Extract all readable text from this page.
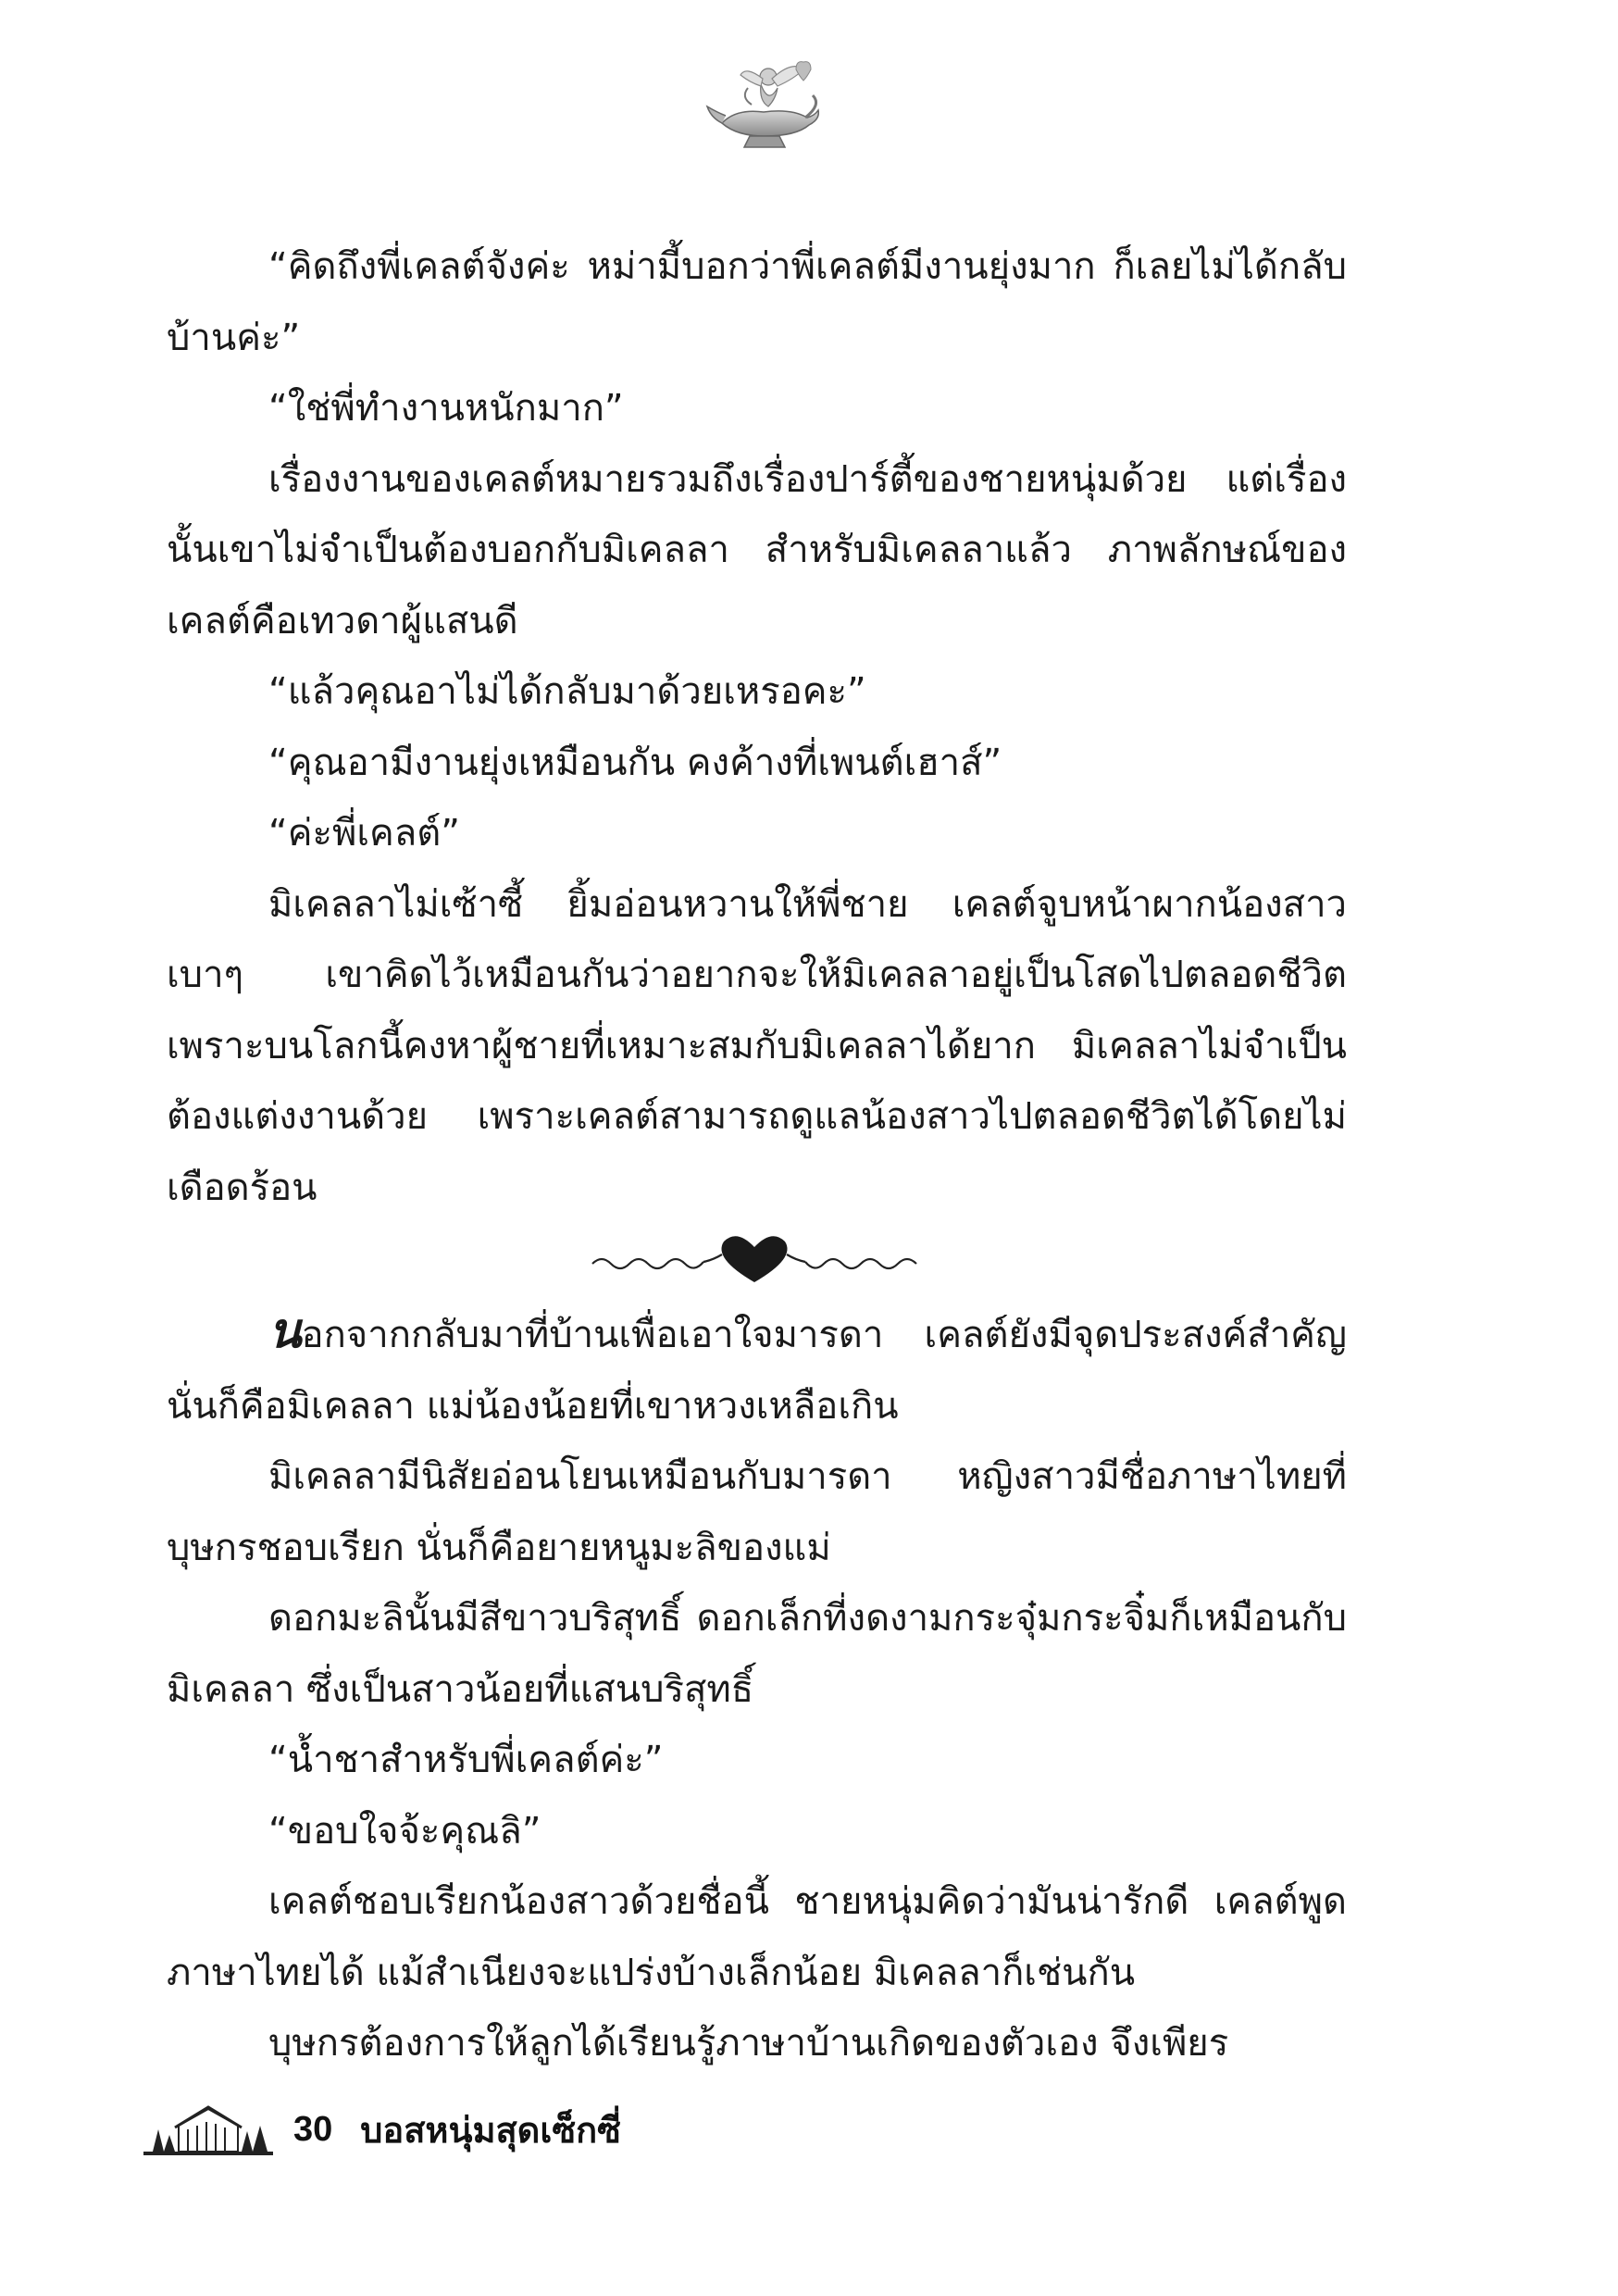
“คิดถึงพี่เคลต์จังค่ะ หม่ามี้บอกว่าพี่เคลต์มีงานยุ่งมาก ก็เลยไม่ได้กลับบ้านค่ะ”

“ใช่พี่ทำงานหนักมาก”

เรื่องงานของเคลต์หมายรวมถึงเรื่องปาร์ตี้ของชายหนุ่มด้วย แต่เรื่องนั้นเขาไม่จำเป็นต้องบอกกับมิเคลลา สำหรับมิเคลลาแล้ว ภาพลักษณ์ของเคลต์คือเทวดาผู้แสนดี

“แล้วคุณอาไม่ได้กลับมาด้วยเหรอคะ”

“คุณอามีงานยุ่งเหมือนกัน คงค้างที่เพนต์เฮาส์”

“ค่ะพี่เคลต์”

มิเคลลาไม่เซ้าซี้ ยิ้มอ่อนหวานให้พี่ชาย เคลต์จูบหน้าผากน้องสาวเบาๆ เขาคิดไว้เหมือนกันว่าอยากจะให้มิเคลลาอยู่เป็นโสดไปตลอดชีวิต เพราะบนโลกนี้คงหาผู้ชายที่เหมาะสมกับมิเคลลาได้ยาก มิเคลลาไม่จำเป็นต้องแต่งงานด้วย เพราะเคลต์สามารถดูแลน้องสาวไปตลอดชีวิตได้โดยไม่เดือดร้อน

นอกจากกลับมาที่บ้านเพื่อเอาใจมารดา เคลต์ยังมีจุดประสงค์สำคัญ นั่นก็คือมิเคลลา แม่น้องน้อยที่เขาหวงเหลือเกิน

มิเคลลามีนิสัยอ่อนโยนเหมือนกับมารดา หญิงสาวมีชื่อภาษาไทยที่บุษกรชอบเรียก นั่นก็คือยายหนูมะลิของแม่

ดอกมะลินั้นมีสีขาวบริสุทธิ์ ดอกเล็กที่งดงามกระจุ๋มกระจิ๋มก็เหมือนกับมิเคลลา ซึ่งเป็นสาวน้อยที่แสนบริสุทธิ์

“น้ำชาสำหรับพี่เคลต์ค่ะ”

“ขอบใจจ้ะคุณลิ”

เคลต์ชอบเรียกน้องสาวด้วยชื่อนี้ ชายหนุ่มคิดว่ามันน่ารักดี เคลต์พูดภาษาไทยได้ แม้สำเนียงจะแปร่งบ้างเล็กน้อย มิเคลลาก็เช่นกัน

บุษกรต้องการให้ลูกได้เรียนรู้ภาษาบ้านเกิดของตัวเอง จึงเพียร

30 บอสหนุ่มสุดเซ็กซี่
